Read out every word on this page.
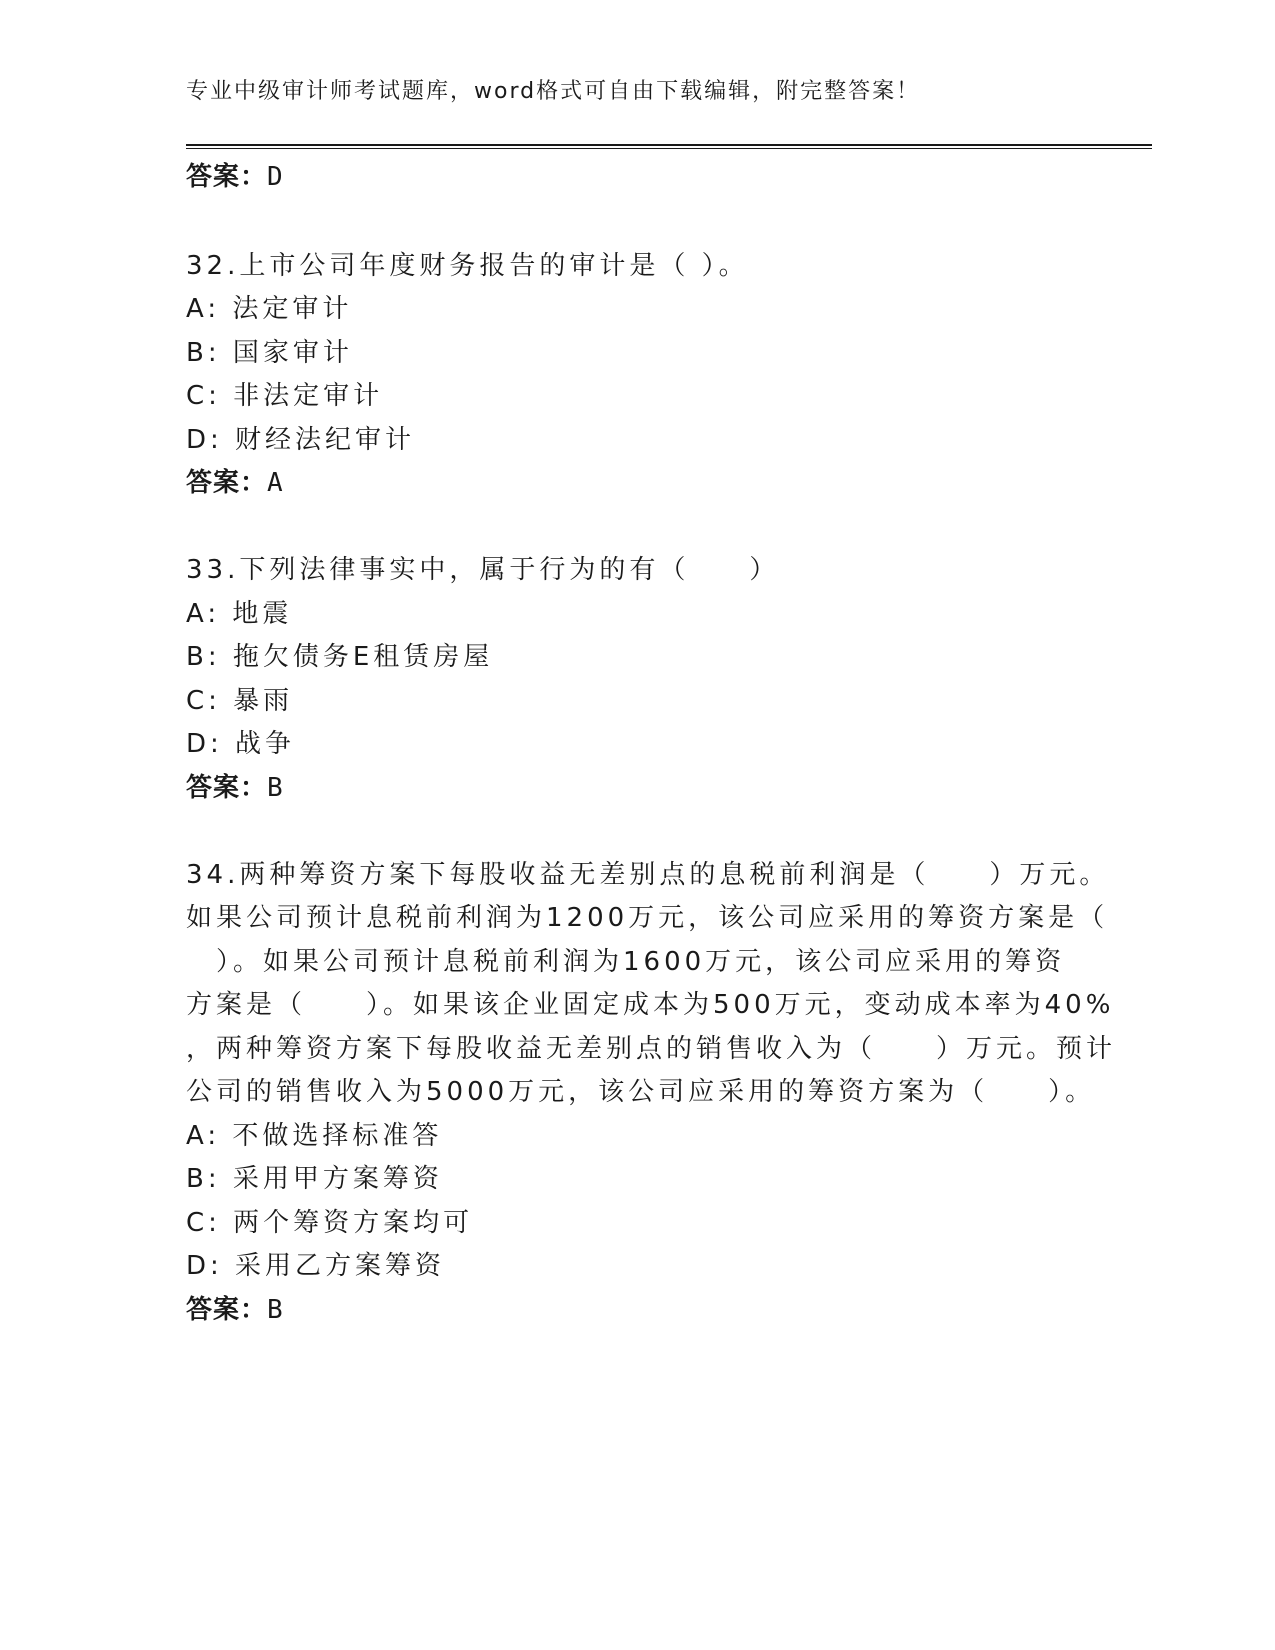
专业中级审计师考试题库，word格式可自由下载编辑，附完整答案！
答案：D
32.上市公司年度财务报告的审计是（ ）。
A: 法定审计
B: 国家审计
C: 非法定审计
D: 财经法纪审计
答案：A
33.下列法律事实中，属于行为的有（　　）
A: 地震
B: 拖欠债务E租赁房屋
C: 暴雨
D: 战争
答案：B
34.两种筹资方案下每股收益无差别点的息税前利润是（　　）万元。
如果公司预计息税前利润为1200万元，该公司应采用的筹资方案是（
　）。如果公司预计息税前利润为1600万元，该公司应采用的筹资
方案是（　　）。如果该企业固定成本为500万元，变动成本率为40%
，两种筹资方案下每股收益无差别点的销售收入为（　　）万元。预计
公司的销售收入为5000万元，该公司应采用的筹资方案为（　　）。
A: 不做选择标准答
B: 采用甲方案筹资
C: 两个筹资方案均可
D: 采用乙方案筹资
答案：B
